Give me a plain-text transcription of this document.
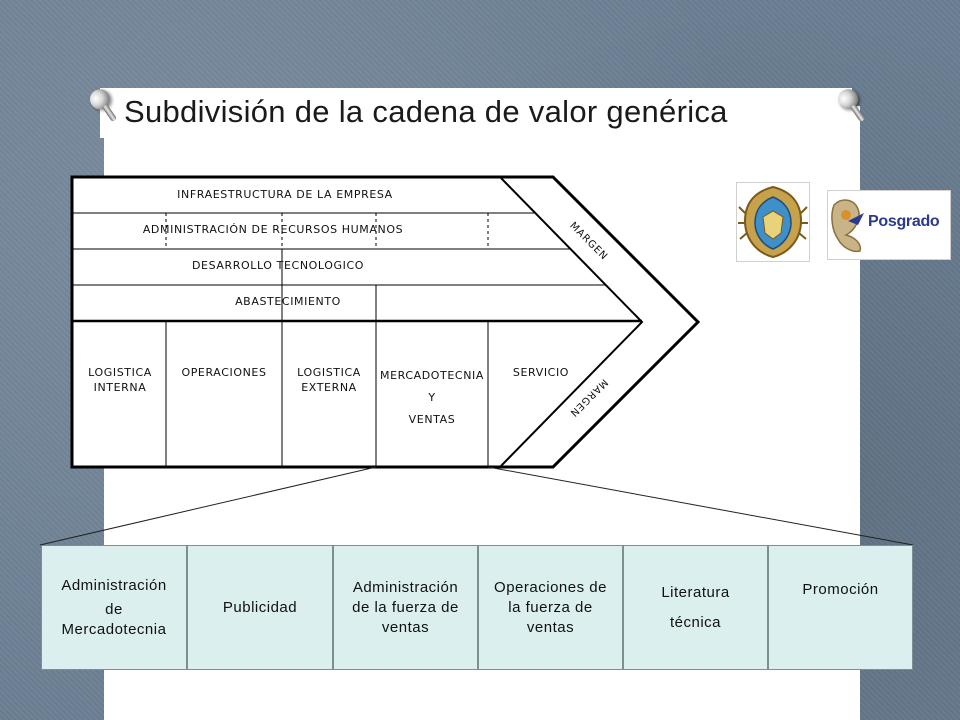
Subdivisión de la cadena de valor genérica
INFRAESTRUCTURA DE LA EMPRESA
ADMINISTRACIÓN DE RECURSOS HUMANOS
DESARROLLO TECNOLOGICO
ABASTECIMIENTO
LOGISTICA
INTERNA
OPERACIONES	LOGISTICA
EXTERNA
MERCADOTECNIA
Y
VENTAS
SERVICIO
MARGEN
MARGEN
Posgrado
Administración
de
Mercadotecnia
Publicidad
Administración
de la fuerza de
ventas
Operaciones de
la fuerza de
ventas
Literatura
técnica
Promoción
